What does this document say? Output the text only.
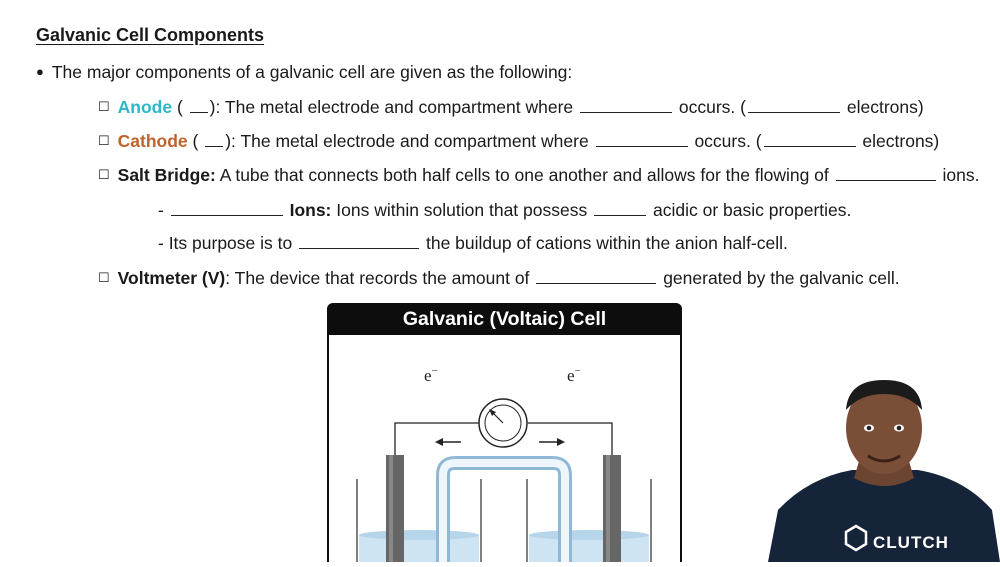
Galvanic Cell Components
● The major components of a galvanic cell are given as the following:
☐ Anode ( ): The metal electrode and compartment where	occurs. (	electrons)
☐ Cathode ( ): The metal electrode and compartment where	occurs. (	electrons)
☐ Salt Bridge: A tube that connects both half cells to one another and allows for the flowing of	ions.
-	Ions: Ions within solution that possess	acidic or basic properties.
- Its purpose is to	the buildup of cations within the anion half-cell.
☐ Voltmeter (V): The device that records the amount of	generated by the galvanic cell.
Galvanic (Voltaic) Cell
e−	e−
CLUTCH
